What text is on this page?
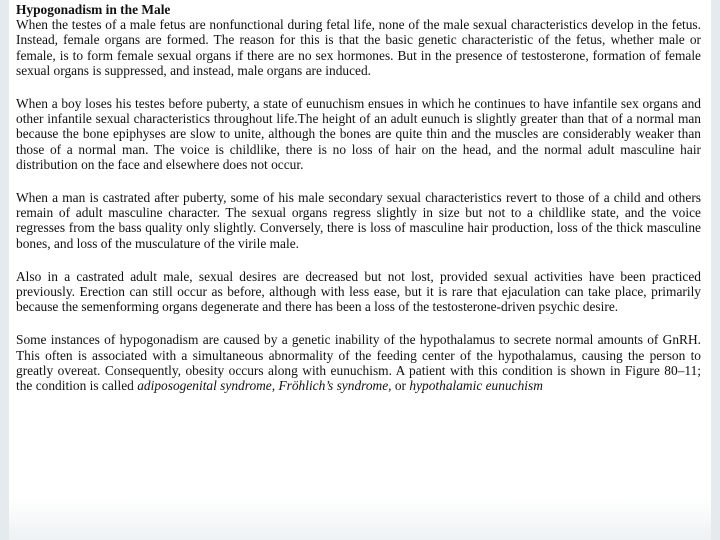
Hypogonadism in the Male

When the testes of a male fetus are nonfunctional during fetal life, none of the male sexual characteristics develop in the fetus. Instead, female organs are formed. The reason for this is that the basic genetic characteristic of the fetus, whether male or female, is to form female sexual organs if there are no sex hormones. But in the presence of testosterone, formation of female sexual organs is suppressed, and instead, male organs are induced.

When a boy loses his testes before puberty, a state of eunuchism ensues in which he continues to have infantile sex organs and other infantile sexual characteristics throughout life.The height of an adult eunuch is slightly greater than that of a normal man because the bone epiphyses are slow to unite, although the bones are quite thin and the muscles are considerably weaker than those of a normal man. The voice is childlike, there is no loss of hair on the head, and the normal adult masculine hair distribution on the face and elsewhere does not occur.

When a man is castrated after puberty, some of his male secondary sexual characteristics revert to those of a child and others remain of adult masculine character. The sexual organs regress slightly in size but not to a childlike state, and the voice regresses from the bass quality only slightly. Conversely, there is loss of masculine hair production, loss of the thick masculine bones, and loss of the musculature of the virile male.

Also in a castrated adult male, sexual desires are decreased but not lost, provided sexual activities have been practiced previously. Erection can still occur as before, although with less ease, but it is rare that ejaculation can take place, primarily because the semenforming organs degenerate and there has been a loss of the testosterone-driven psychic desire.

Some instances of hypogonadism are caused by a genetic inability of the hypothalamus to secrete normal amounts of GnRH. This often is associated with a simultaneous abnormality of the feeding center of the hypothalamus, causing the person to greatly overeat. Consequently, obesity occurs along with eunuchism. A patient with this condition is shown in Figure 80–11; the condition is called adiposogenital syndrome, Fröhlich’s syndrome, or hypothalamic eunuchism
